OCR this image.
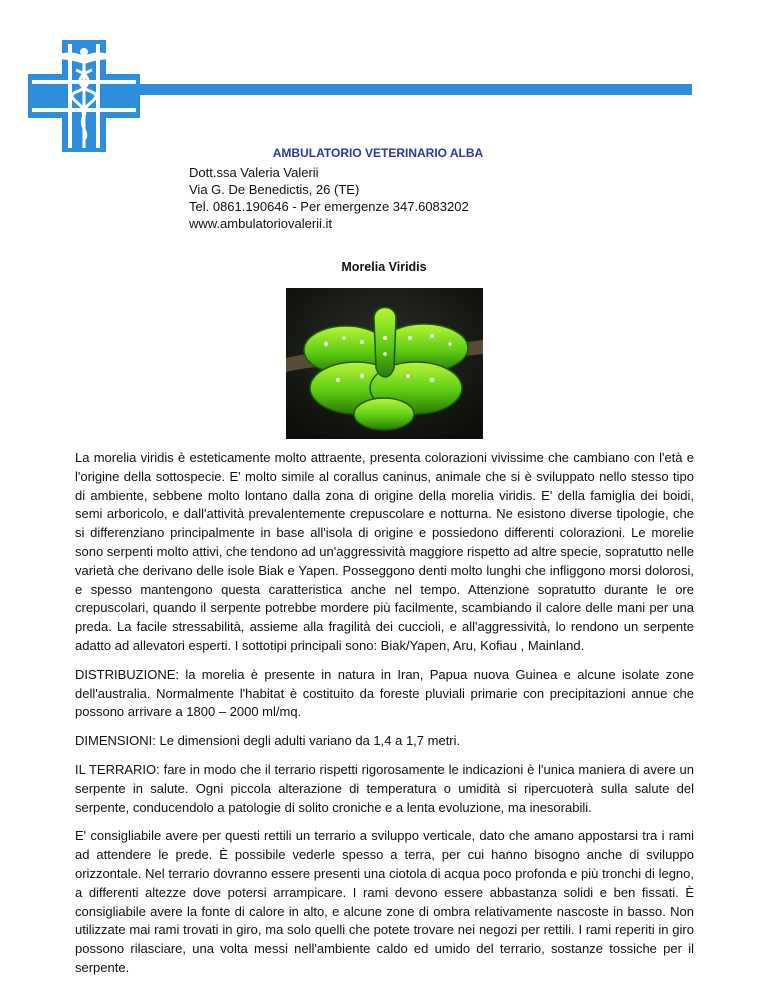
AMBULATORIO VETERINARIO ALBA
Dott.ssa Valeria Valerii
Via G. De Benedictis, 26 (TE)
Tel. 0861.190646 - Per emergenze 347.6083202
www.ambulatoriovalerii.it
Morelia Viridis

La morelia viridis è esteticamente molto attraente, presenta colorazioni vivissime che cambiano con l'età e l'origine della sottospecie. E' molto simile al corallus caninus, animale che si è sviluppato nello stesso tipo di ambiente, sebbene molto lontano dalla zona di origine della morelia viridis. E' della famiglia dei boidi, semi arboricolo, e dall'attività prevalentemente crepuscolare e notturna. Ne esistono diverse tipologie, che si differenziano principalmente in base all'isola di origine e possiedono differenti colorazioni. Le morelie sono serpenti molto attivi, che tendono ad un'aggressività maggiore rispetto ad altre specie, sopratutto nelle varietà che derivano delle isole Biak e Yapen. Posseggono denti molto lunghi che infliggono morsi dolorosi, e spesso mantengono questa caratteristica anche nel tempo. Attenzione sopratutto durante le ore crepuscolari, quando il serpente potrebbe mordere più facilmente, scambiando il calore delle mani per una preda. La facile stressabilità, assieme alla fragilità dei cuccioli, e all'aggressività, lo rendono un serpente adatto ad allevatori esperti. I sottotipi principali sono: Biak/Yapen, Aru, Kofiau , Mainland.

DISTRIBUZIONE: la morelia è presente in natura in Iran, Papua nuova Guinea e alcune isolate zone dell'australia. Normalmente l'habitat è costituito da foreste pluviali primarie con precipitazioni annue che possono arrivare a 1800 – 2000 ml/mq.

DIMENSIONI: Le dimensioni degli adulti variano da 1,4 a 1,7 metri.

IL TERRARIO: fare in modo che il terrario rispetti rigorosamente le indicazioni è l'unica maniera di avere un serpente in salute. Ogni piccola alterazione di temperatura o umidità si ripercuoterà sulla salute del serpente, conducendolo a patologie di solito croniche e a lenta evoluzione, ma inesorabili.

E' consigliabile avere per questi rettili un terrario a sviluppo verticale, dato che amano appostarsi tra i rami ad attendere le prede. È possibile vederle spesso a terra, per cui hanno bisogno anche di sviluppo orizzontale. Nel terrario dovranno essere presenti una ciotola di acqua poco profonda e più tronchi di legno, a differenti altezze dove potersi arrampicare. I rami devono essere abbastanza solidi e ben fissati. È consigliabile avere la fonte di calore in alto, e alcune zone di ombra relativamente nascoste in basso. Non utilizzate mai rami trovati in giro, ma solo quelli che potete trovare nei negozi per rettili. I rami reperiti in giro possono rilasciare, una volta messi nell'ambiente caldo ed umido del terrario, sostanze tossiche per il serpente.
